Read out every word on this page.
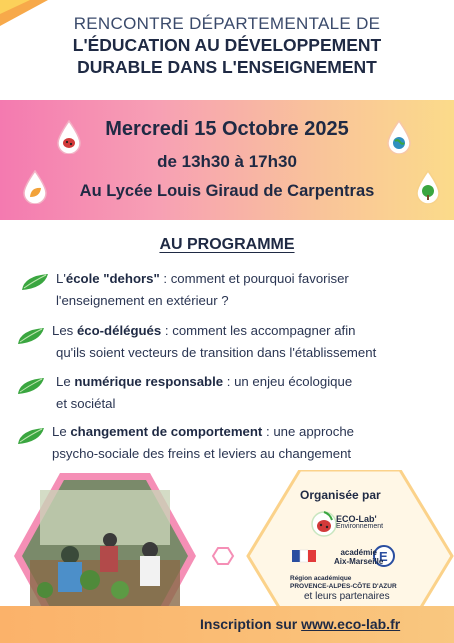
RENCONTRE DÉPARTEMENTALE DE
L'ÉDUCATION AU DÉVELOPPEMENT
DURABLE DANS L'ENSEIGNEMENT
Mercredi 15 Octobre 2025
de 13h30 à 17h30
Au Lycée Louis Giraud de Carpentras
AU PROGRAMME
L'école "dehors" : comment et pourquoi favoriser
l'enseignement en extérieur ?
Les éco-délégués : comment les accompagner afin
qu'ils soient vecteurs de transition dans l'établissement
Le numérique responsable : un enjeu écologique
et sociétal
Le changement de comportement : une approche
psycho-sociale des freins et leviers au changement
E
Organisée par
ECO-Lab'
Environnement
académie
Aix-Marseille
Région académique
PROVENCE-ALPES-CÔTE D'AZUR
et leurs partenaires
Inscription sur www.eco-lab.fr
